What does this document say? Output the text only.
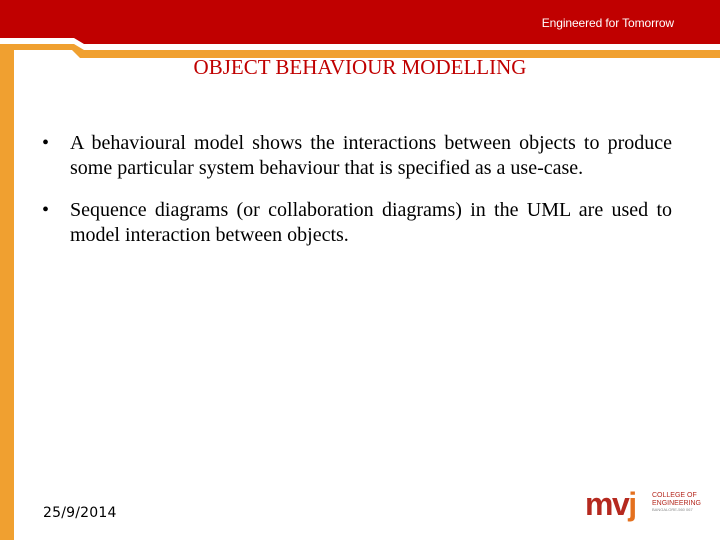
Engineered for Tomorrow
OBJECT BEHAVIOUR MODELLING
•	A behavioural model shows the interactions between objects to produce some particular system behaviour that is specified as a use-case.
•	Sequence diagrams (or collaboration diagrams) in the UML are used to model interaction between objects.
25/9/2014	mvj COLLEGE OF
ENGINEERING
BANGALORE-560 067
